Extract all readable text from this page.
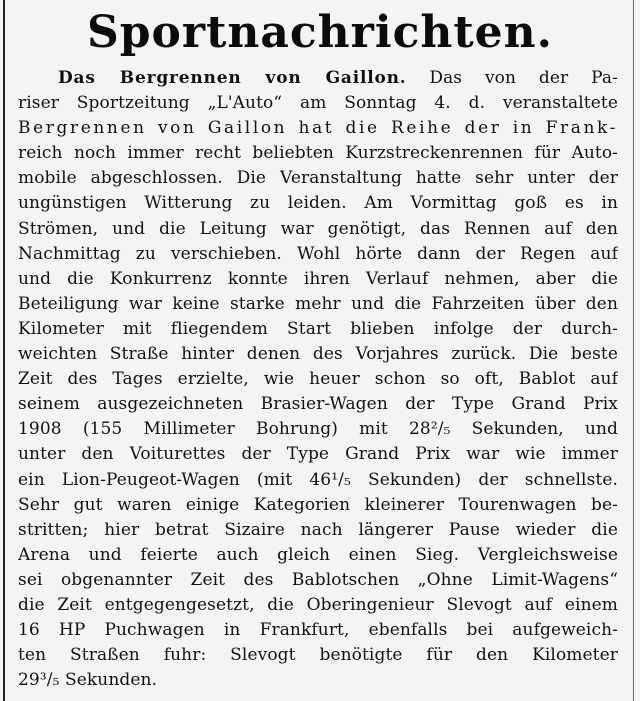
Sportnachrichten.
Das Bergrennen von Gaillon. Das von der Pa-
riser Sportzeitung „L'Auto“ am Sonntag 4. d. veranstaltete
Bergrennen von Gaillon hat die Reihe der in Frank-
reich noch immer recht beliebten Kurzstreckenrennen für Auto-
mobile abgeschlossen. Die Veranstaltung hatte sehr unter der
ungünstigen Witterung zu leiden. Am Vormittag goß es in
Strömen, und die Leitung war genötigt, das Rennen auf den
Nachmittag zu verschieben. Wohl hörte dann der Regen auf
und die Konkurrenz konnte ihren Verlauf nehmen, aber die
Beteiligung war keine starke mehr und die Fahrzeiten über den
Kilometer mit fliegendem Start blieben infolge der durch-
weichten Straße hinter denen des Vorjahres zurück. Die beste
Zeit des Tages erzielte, wie heuer schon so oft, Bablot auf
seinem ausgezeichneten Brasier-Wagen der Type Grand Prix
1908 (155 Millimeter Bohrung) mit 28²/₅ Sekunden, und
unter den Voiturettes der Type Grand Prix war wie immer
ein Lion-Peugeot-Wagen (mit 46¹/₅ Sekunden) der schnellste.
Sehr gut waren einige Kategorien kleinerer Tourenwagen be-
stritten; hier betrat Sizaire nach längerer Pause wieder die
Arena und feierte auch gleich einen Sieg. Vergleichsweise
sei obgenannter Zeit des Bablotschen „Ohne Limit-Wagens“
die Zeit entgegengesetzt, die Oberingenieur Slevogt auf einem
16 HP Puchwagen in Frankfurt, ebenfalls bei aufgeweich-
ten Straßen fuhr: Slevogt benötigte für den Kilometer
29³/₅ Sekunden.
